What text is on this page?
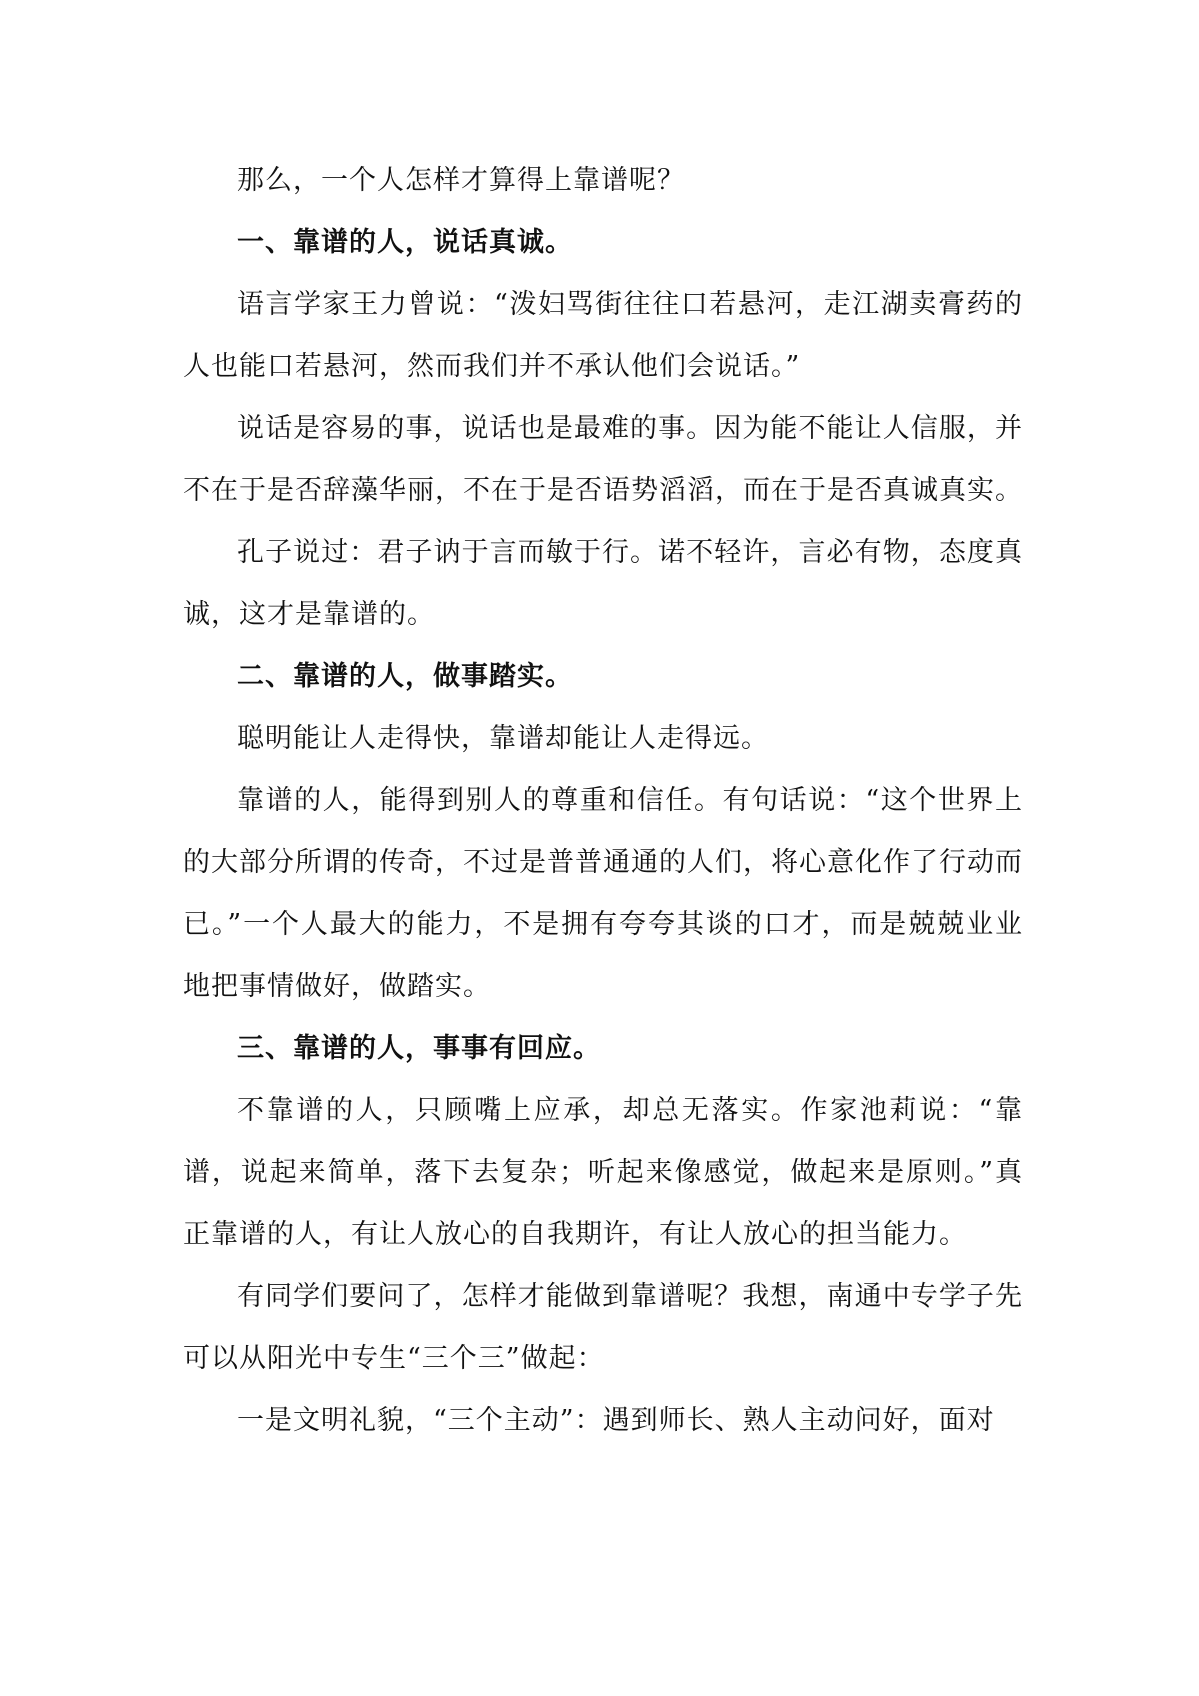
那么，一个人怎样才算得上靠谱呢？

一、靠谱的人，说话真诚。

语言学家王力曾说：“泼妇骂街往往口若悬河，走江湖卖膏药的人也能口若悬河，然而我们并不承认他们会说话。”

说话是容易的事，说话也是最难的事。因为能不能让人信服，并不在于是否辞藻华丽，不在于是否语势滔滔，而在于是否真诚真实。

孔子说过：君子讷于言而敏于行。诺不轻许，言必有物，态度真诚，这才是靠谱的。

二、靠谱的人，做事踏实。

聪明能让人走得快，靠谱却能让人走得远。

靠谱的人，能得到别人的尊重和信任。有句话说：“这个世界上的大部分所谓的传奇，不过是普普通通的人们，将心意化作了行动而已。”一个人最大的能力，不是拥有夸夸其谈的口才，而是兢兢业业地把事情做好，做踏实。

三、靠谱的人，事事有回应。

不靠谱的人，只顾嘴上应承，却总无落实。作家池莉说：“靠谱，说起来简单，落下去复杂；听起来像感觉，做起来是原则。”真正靠谱的人，有让人放心的自我期许，有让人放心的担当能力。

有同学们要问了，怎样才能做到靠谱呢？我想，南通中专学子先可以从阳光中专生“三个三”做起：

一是文明礼貌，“三个主动”：遇到师长、熟人主动问好，面对
